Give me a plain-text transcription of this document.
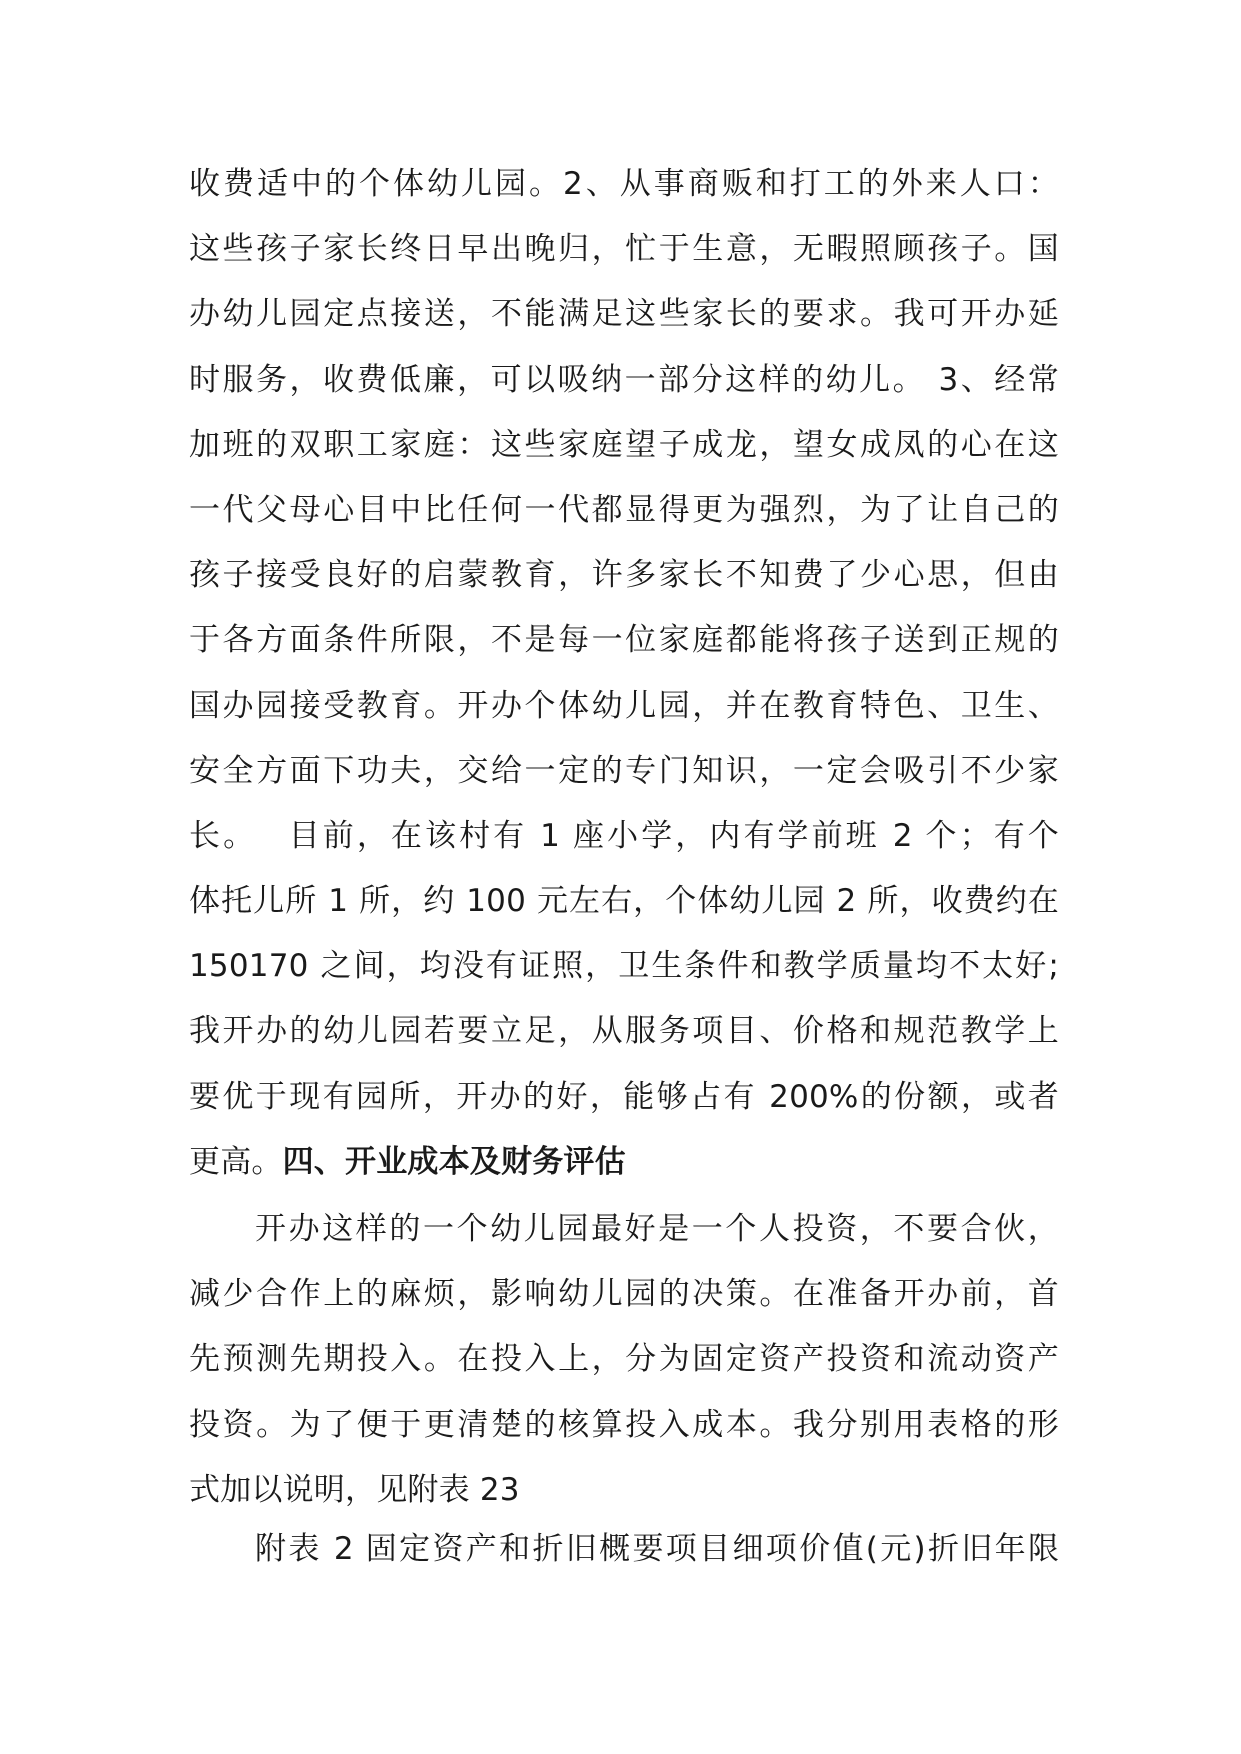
收费适中的个体幼儿园。2、从事商贩和打工的外来人口：
这些孩子家长终日早出晚归，忙于生意，无暇照顾孩子。国
办幼儿园定点接送，不能满足这些家长的要求。我可开办延
时服务，收费低廉，可以吸纳一部分这样的幼儿。 3、经常
加班的双职工家庭：这些家庭望子成龙，望女成凤的心在这
一代父母心目中比任何一代都显得更为强烈，为了让自己的
孩子接受良好的启蒙教育，许多家长不知费了少心思，但由
于各方面条件所限，不是每一位家庭都能将孩子送到正规的
国办园接受教育。开办个体幼儿园，并在教育特色、卫生、
安全方面下功夫，交给一定的专门知识，一定会吸引不少家
长。　 目前，在该村有 1 座小学，内有学前班 2 个；有个
体托儿所 1 所，约 100 元左右，个体幼儿园 2 所，收费约在
150170 之间，均没有证照，卫生条件和教学质量均不太好;
我开办的幼儿园若要立足，从服务项目、价格和规范教学上
要优于现有园所，开办的好，能够占有 200%的份额，或者
更高。四、开业成本及财务评估
开办这样的一个幼儿园最好是一个人投资，不要合伙，
减少合作上的麻烦，影响幼儿园的决策。在准备开办前，首
先预测先期投入。在投入上，分为固定资产投资和流动资产
投资。为了便于更清楚的核算投入成本。我分别用表格的形
式加以说明，见附表 23
附表 2 固定资产和折旧概要项目细项价值(元)折旧年限
